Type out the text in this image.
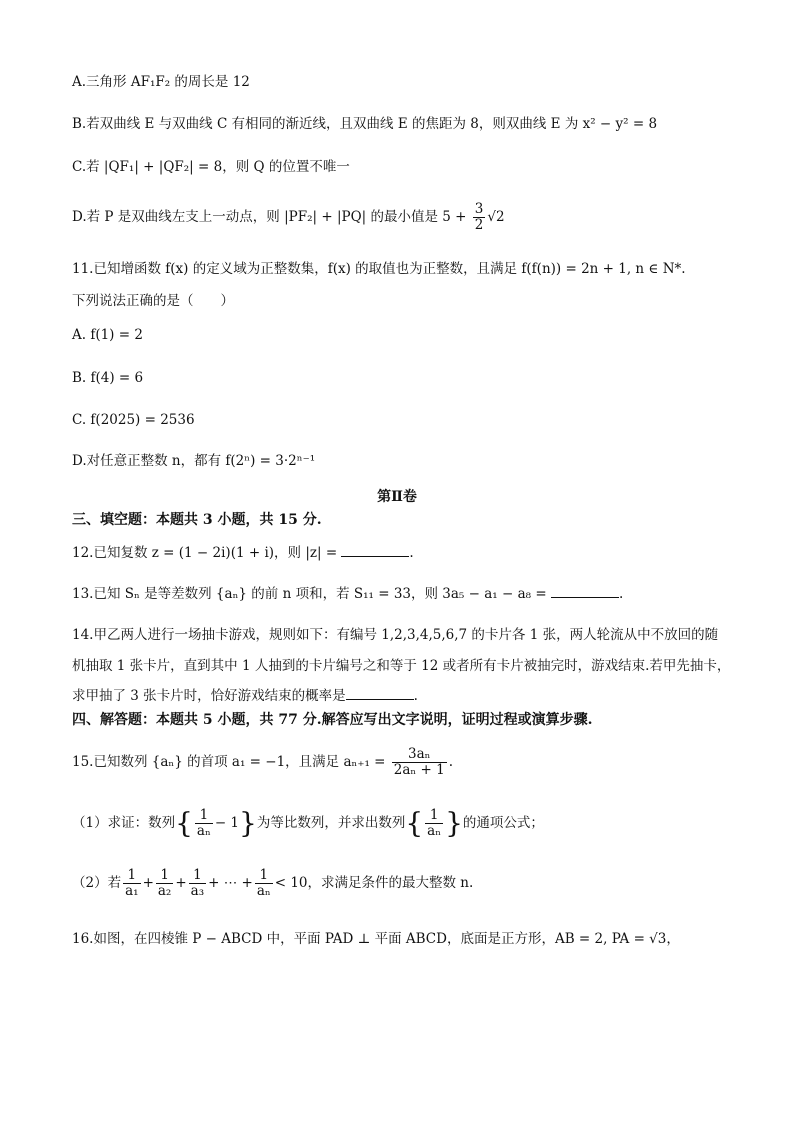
A.三角形 AF₁F₂ 的周长是 12
B.若双曲线 E 与双曲线 C 有相同的渐近线，且双曲线 E 的焦距为 8，则双曲线 E 为 x² − y² = 8
C.若 |QF₁| + |QF₂| = 8，则 Q 的位置不唯一
D.若 P 是双曲线左支上一动点，则 |PF₂| + |PQ| 的最小值是 $5 + \frac{3}{2} √2$
11.已知增函数 f(x) 的定义域为正整数集，f(x) 的取值也为正整数，且满足 f(f(n)) = 2n + 1, n ∈ N*.
下列说法正确的是（　　）
A. f(1) = 2
B. f(4) = 6
C. f(2025) = 2536
D.对任意正整数 n，都有 f(2ⁿ) = 3·2ⁿ⁻¹
第Ⅱ卷
三、填空题：本题共 3 小题，共 15 分.
12.已知复数 z = (1 − 2i)(1 + i)，则 |z| =	.
13.已知 Sₙ 是等差数列 {aₙ} 的前 n 项和，若 S₁₁ = 33，则 3a₅ − a₁ − a₈ =	.
14.甲乙两人进行一场抽卡游戏，规则如下：有编号 1,2,3,4,5,6,7 的卡片各 1 张，两人轮流从中不放回的随
机抽取 1 张卡片，直到其中 1 人抽到的卡片编号之和等于 12 或者所有卡片被抽完时，游戏结束.若甲先抽卡，
求甲抽了 3 张卡片时，恰好游戏结束的概率是	.
四、解答题：本题共 5 小题，共 77 分.解答应写出文字说明，证明过程或演算步骤.
15.已知数列 {aₙ} 的首项 a₁ = −1，且满足 $a_{n+1} = \frac{\text{3aₙ}}{\text{2aₙ + 1}}$ .
（1）求证：数列{ $\frac{1}{\text{aₙ}} - 1$}为等比数列，并求出数列{ $\frac{1}{\text{aₙ}}$ }的通项公式；
（2）若 $\frac{1}{\text{a₁}} + \frac{1}{\text{a₂}} + \frac{1}{\text{a₃}}$ + ⋯ + $\frac{1}{\text{aₙ}} < 10$，求满足条件的最大整数 n.
16.如图，在四棱锥 P − ABCD 中，平面 PAD ⊥ 平面 ABCD，底面是正方形，AB = 2, PA = √3，
